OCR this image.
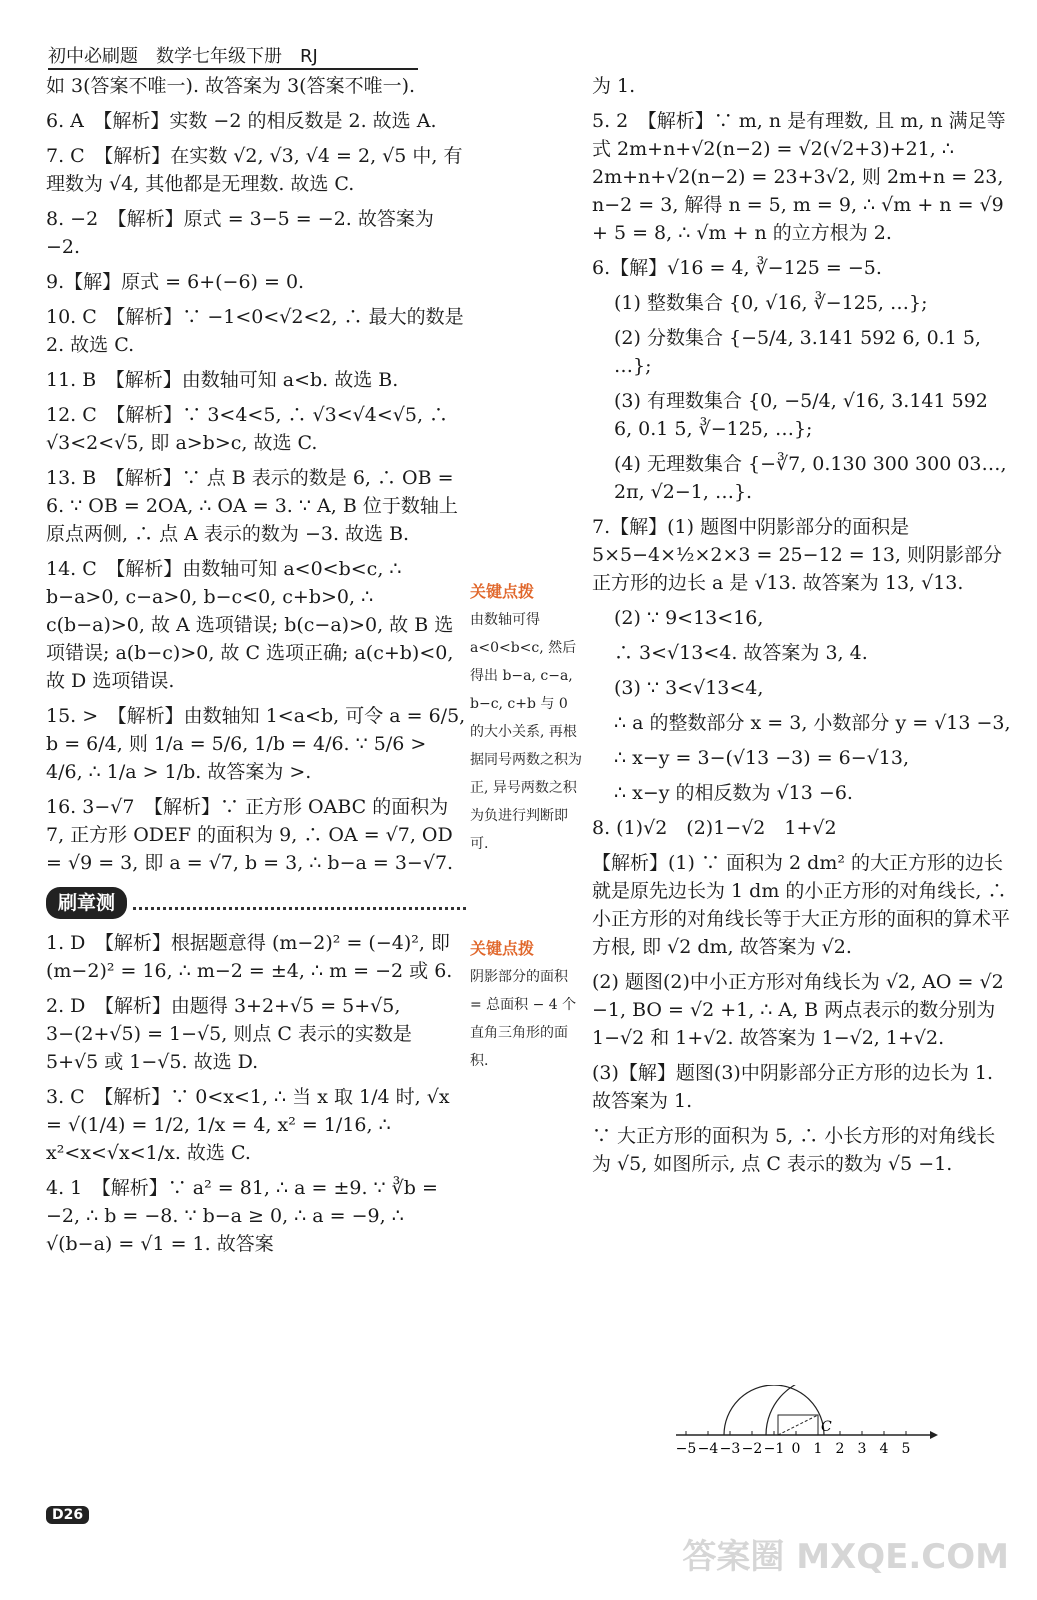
初中必刷题　数学七年级下册　RJ

如 3(答案不唯一). 故答案为 3(答案不唯一).

6. A　【解析】实数 −2 的相反数是 2. 故选 A.

7. C　【解析】在实数 √2, √3, √4 = 2, √5 中, 有理数为 √4, 其他都是无理数. 故选 C.

8. −2　【解析】原式 = 3−5 = −2. 故答案为 −2.

9.【解】原式 = 6+(−6) = 0.

10. C　【解析】∵ −1<0<√2<2, ∴ 最大的数是 2. 故选 C.

11. B　【解析】由数轴可知 a<b. 故选 B.

12. C　【解析】∵ 3<4<5, ∴ √3<√4<√5, ∴ √3<2<√5, 即 a>b>c, 故选 C.

13. B　【解析】∵ 点 B 表示的数是 6, ∴ OB = 6. ∵ OB = 2OA, ∴ OA = 3. ∵ A, B 位于数轴上原点两侧, ∴ 点 A 表示的数为 −3. 故选 B.

14. C　【解析】由数轴可知 a<0<b<c, ∴ b−a>0, c−a>0, b−c<0, c+b>0, ∴ c(b−a)>0, 故 A 选项错误; b(c−a)>0, 故 B 选项错误; a(b−c)>0, 故 C 选项正确; a(c+b)<0, 故 D 选项错误.

15. >　【解析】由数轴知 1<a<b, 可令 a = 6/5, b = 6/4, 则 1/a = 5/6, 1/b = 4/6. ∵ 5/6 > 4/6, ∴ 1/a > 1/b. 故答案为 >.

16. 3−√7　【解析】∵ 正方形 OABC 的面积为 7, 正方形 ODEF 的面积为 9, ∴ OA = √7, OD = √9 = 3, 即 a = √7, b = 3, ∴ b−a = 3−√7.

刷章测

1. D　【解析】根据题意得 (m−2)² = (−4)², 即 (m−2)² = 16, ∴ m−2 = ±4, ∴ m = −2 或 6.

2. D　【解析】由题得 3+2+√5 = 5+√5, 3−(2+√5) = 1−√5, 则点 C 表示的实数是 5+√5 或 1−√5. 故选 D.

3. C　【解析】∵ 0<x<1, ∴ 当 x 取 1/4 时, √x = √(1/4) = 1/2, 1/x = 4, x² = 1/16, ∴ x²<x<√x<1/x. 故选 C.

4. 1　【解析】∵ a² = 81, ∴ a = ±9. ∵ ∛b = −2, ∴ b = −8. ∵ b−a ≥ 0, ∴ a = −9, ∴ √(b−a) = √1 = 1. 故答案

关键点拨
由数轴可得 a<0<b<c, 然后得出 b−a, c−a, b−c, c+b 与 0 的大小关系, 再根据同号两数之积为正, 异号两数之积为负进行判断即可.
关键点拨
阴影部分的面积 = 总面积 − 4 个直角三角形的面积.

为 1.

5. 2　【解析】∵ m, n 是有理数, 且 m, n 满足等式 2m+n+√2(n−2) = √2(√2+3)+21, ∴ 2m+n+√2(n−2) = 23+3√2, 则 2m+n = 23, n−2 = 3, 解得 n = 5, m = 9, ∴ √m + n = √9 + 5 = 8, ∴ √m + n 的立方根为 2.

6.【解】√16 = 4, ∛−125 = −5.

(1) 整数集合 {0, √16, ∛−125, …};

(2) 分数集合 {−5/4, 3.141 592 6, 0.1 5̇, …};

(3) 有理数集合 {0, −5/4, √16, 3.141 592 6, 0.1 5̇, ∛−125, …};

(4) 无理数集合 {−∛7, 0.130 300 300 03…, 2π, √2−1, …}.

7.【解】(1) 题图中阴影部分的面积是 5×5−4×½×2×3 = 25−12 = 13, 则阴影部分正方形的边长 a 是 √13. 故答案为 13, √13.

(2) ∵ 9<13<16,

∴ 3<√13<4. 故答案为 3, 4.

(3) ∵ 3<√13<4,

∴ a 的整数部分 x = 3, 小数部分 y = √13 −3,

∴ x−y = 3−(√13 −3) = 6−√13,

∴ x−y 的相反数为 √13 −6.

8. (1)√2　(2)1−√2　1+√2

【解析】(1) ∵ 面积为 2 dm² 的大正方形的边长就是原先边长为 1 dm 的小正方形的对角线长, ∴ 小正方形的对角线长等于大正方形的面积的算术平方根, 即 √2 dm, 故答案为 √2.

(2) 题图(2)中小正方形对角线长为 √2, AO = √2 −1, BO = √2 +1, ∴ A, B 两点表示的数分别为 1−√2 和 1+√2. 故答案为 1−√2, 1+√2.

(3)【解】题图(3)中阴影部分正方形的边长为 1. 故答案为 1.

∵ 大正方形的面积为 5, ∴ 小长方形的对角线长为 √5, 如图所示, 点 C 表示的数为 √5 −1.

−5 −4 −3 −2 −1 0 1 2 3 4 5
C
D26
答案圈 MXQE.COM
